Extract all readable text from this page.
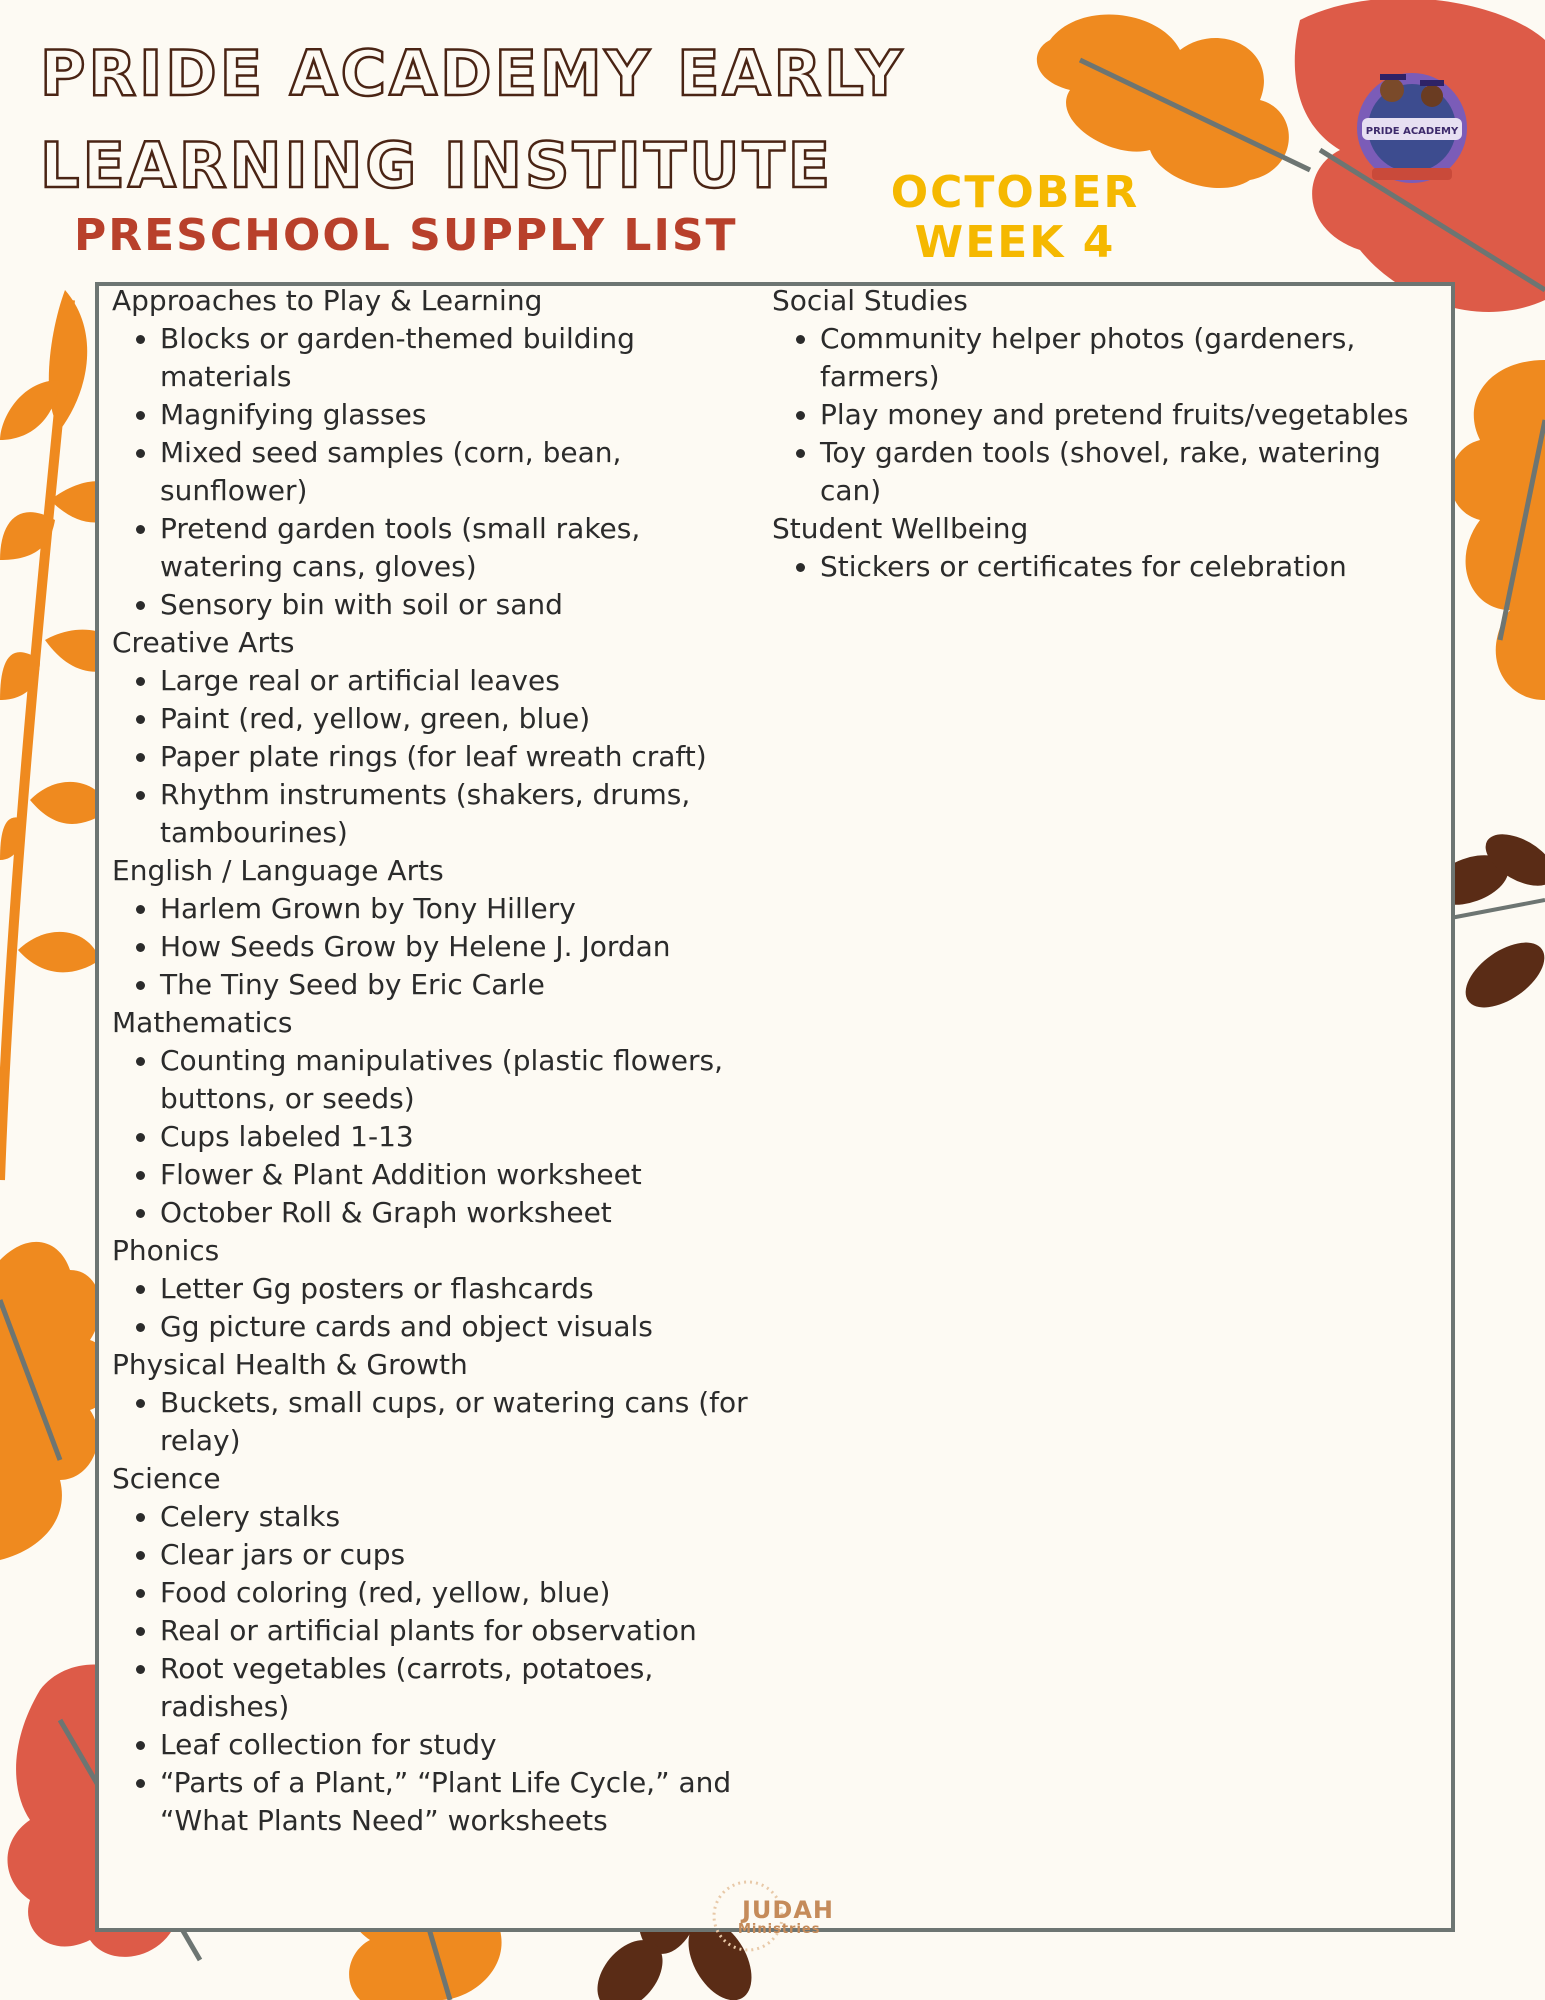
PRIDE ACADEMY EARLY LEARNING INSTITUTE
PRESCHOOL SUPPLY LIST
OCTOBER
WEEK 4
PRIDE ACADEMY
Approaches to Play & Learning
• Blocks or garden-themed building materials
• Magnifying glasses
• Mixed seed samples (corn, bean, sunflower)
• Pretend garden tools (small rakes, watering cans, gloves)
• Sensory bin with soil or sand
Creative Arts
• Large real or artificial leaves
• Paint (red, yellow, green, blue)
• Paper plate rings (for leaf wreath craft)
• Rhythm instruments (shakers, drums, tambourines)
English / Language Arts
• Harlem Grown by Tony Hillery
• How Seeds Grow by Helene J. Jordan
• The Tiny Seed by Eric Carle
Mathematics
• Counting manipulatives (plastic flowers, buttons, or seeds)
• Cups labeled 1-13
• Flower & Plant Addition worksheet
• October Roll & Graph worksheet
Phonics
• Letter Gg posters or flashcards
• Gg picture cards and object visuals
Physical Health & Growth
• Buckets, small cups, or watering cans (for relay)
Science
• Celery stalks
• Clear jars or cups
• Food coloring (red, yellow, blue)
• Real or artificial plants for observation
• Root vegetables (carrots, potatoes, radishes)
• Leaf collection for study
• “Parts of a Plant,” “Plant Life Cycle,” and “What Plants Need” worksheets
Social Studies
• Community helper photos (gardeners, farmers)
• Play money and pretend fruits/vegetables
• Toy garden tools (shovel, rake, watering can)
Student Wellbeing
• Stickers or certificates for celebration
JUDAH
Ministries
